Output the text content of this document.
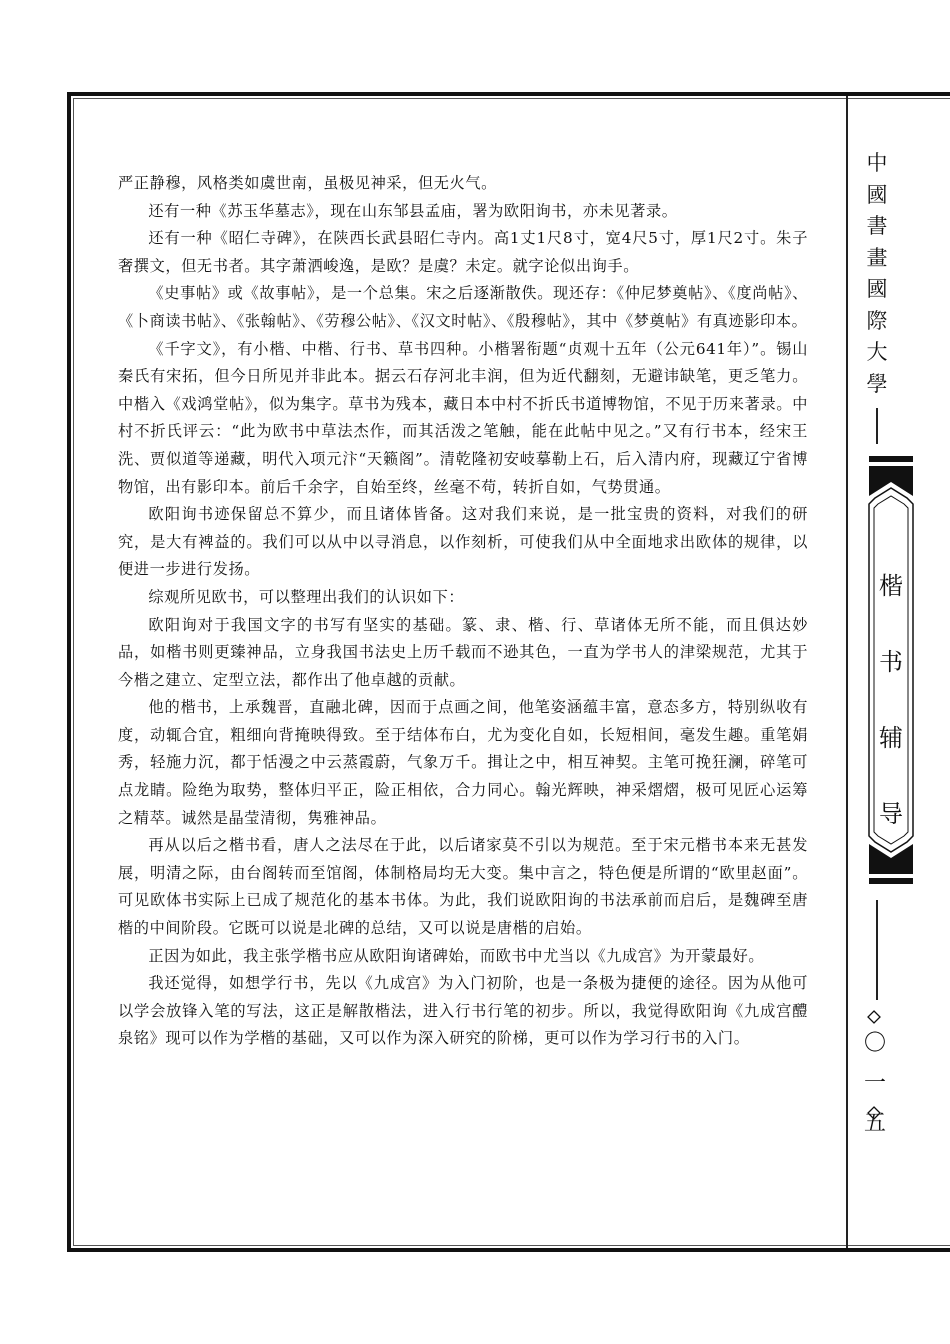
严正静穆，风格类如虞世南，虽极见神采，但无火气。

还有一种《苏玉华墓志》，现在山东邹县孟庙，署为欧阳询书，亦未见著录。

还有一种《昭仁寺碑》，在陕西长武县昭仁寺内。高1丈1尺8寸，宽4尺5寸，厚1尺2寸。朱子奢撰文，但无书者。其字萧洒峻逸，是欧？是虞？未定。就字论似出询手。

《史事帖》或《故事帖》，是一个总集。宋之后逐渐散佚。现还存：《仲尼梦奠帖》、《度尚帖》、《卜商读书帖》、《张翰帖》、《劳穆公帖》、《汉文时帖》、《殷穆帖》，其中《梦奠帖》有真迹影印本。

《千字文》，有小楷、中楷、行书、草书四种。小楷署衔题“贞观十五年（公元641年）”。锡山秦氏有宋拓，但今日所见并非此本。据云石存河北丰润，但为近代翻刻，无避讳缺笔，更乏笔力。中楷入《戏鸿堂帖》，似为集字。草书为残本，藏日本中村不折氏书道博物馆，不见于历来著录。中村不折氏评云：“此为欧书中草法杰作，而其活泼之笔触，能在此帖中见之。”又有行书本，经宋王洗、贾似道等递藏，明代入项元汴“天籁阁”。清乾隆初安岐摹勒上石，后入清内府，现藏辽宁省博物馆，出有影印本。前后千余字，自始至终，丝毫不苟，转折自如，气势贯通。

欧阳询书迹保留总不算少，而且诸体皆备。这对我们来说，是一批宝贵的资料，对我们的研究，是大有裨益的。我们可以从中以寻消息，以作刻析，可使我们从中全面地求出欧体的规律，以便进一步进行发扬。

综观所见欧书，可以整理出我们的认识如下：

欧阳询对于我国文字的书写有坚实的基础。篆、隶、楷、行、草诸体无所不能，而且俱达妙品，如楷书则更臻神品，立身我国书法史上历千载而不逊其色，一直为学书人的津梁规范，尤其于今楷之建立、定型立法，都作出了他卓越的贡献。

他的楷书，上承魏晋，直融北碑，因而于点画之间，他笔姿涵蕴丰富，意态多方，特别纵收有度，动辄合宜，粗细向背掩映得致。至于结体布白，尤为变化自如，长短相间，毫发生趣。重笔娟秀，轻施力沉，都于恬漫之中云蒸霞蔚，气象万千。揖让之中，相互神契。主笔可挽狂澜，碎笔可点龙睛。险绝为取势，整体归平正，险正相依，合力同心。翰光辉映，神采熠熠，极可见匠心运筹之精萃。诚然是晶莹清彻，隽雅神品。

再从以后之楷书看，唐人之法尽在于此，以后诸家莫不引以为规范。至于宋元楷书本来无甚发展，明清之际，由台阁转而至馆阁，体制格局均无大变。集中言之，特色便是所谓的“欧里赵面”。可见欧体书实际上已成了规范化的基本书体。为此，我们说欧阳询的书法承前而启后，是魏碑至唐楷的中间阶段。它既可以说是北碑的总结，又可以说是唐楷的启始。

正因为如此，我主张学楷书应从欧阳询诸碑始，而欧书中尤当以《九成宫》为开蒙最好。

我还觉得，如想学行书，先以《九成宫》为入门初阶，也是一条极为捷便的途径。因为从他可以学会放锋入笔的写法，这正是解散楷法，进入行书行笔的初步。所以，我觉得欧阳询《九成宫醴泉铭》现可以作为学楷的基础，又可以作为深入研究的阶梯，更可以作为学习行书的入门。

中
國
書
畫
國
際
大
學
楷
书
辅
导
〇
一
五
